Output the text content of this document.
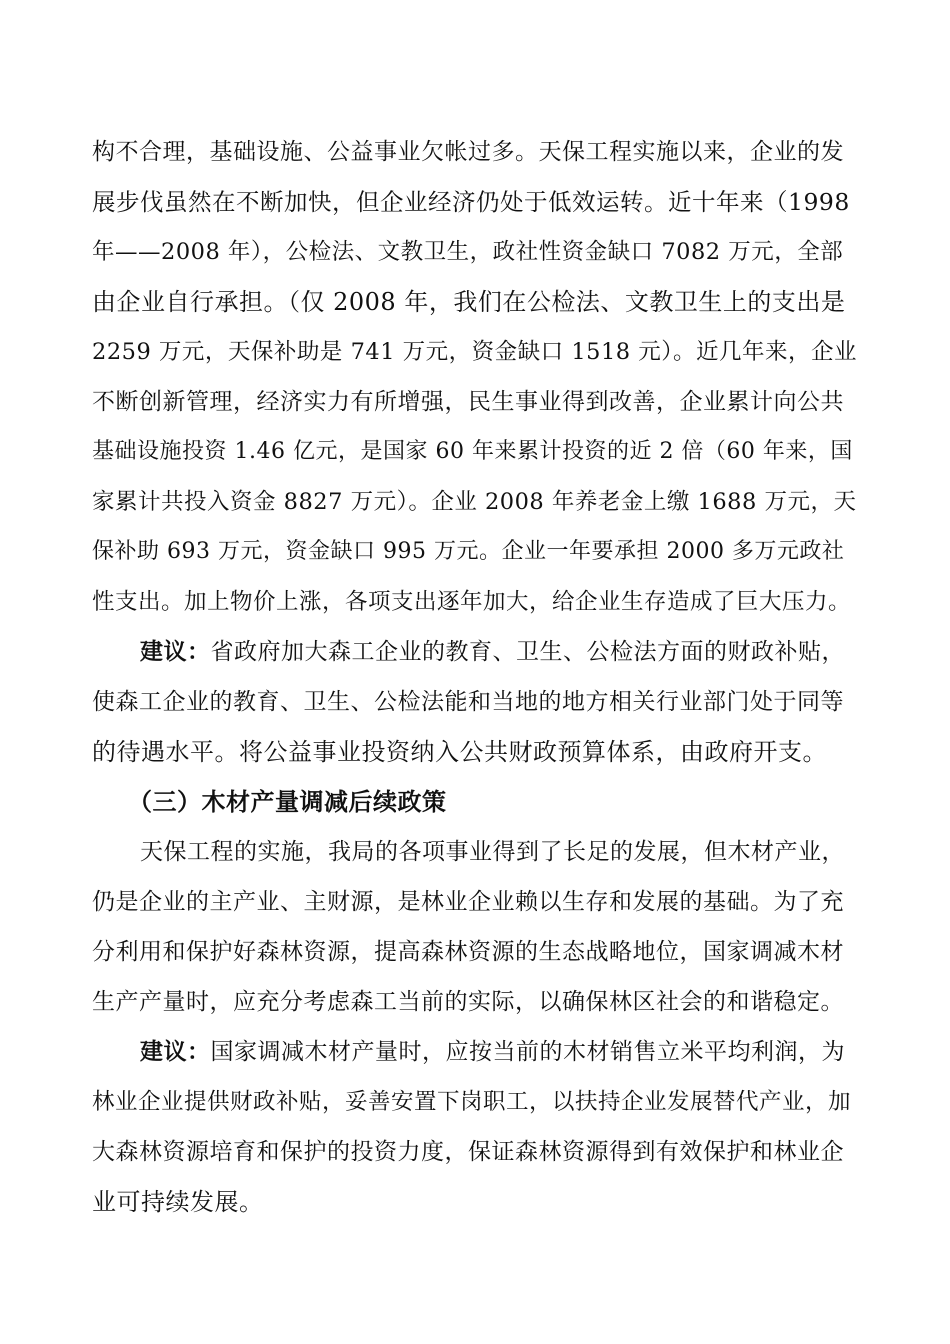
构不合理，基础设施、公益事业欠帐过多。天保工程实施以来，企业的发
展步伐虽然在不断加快，但企业经济仍处于低效运转。近十年来（1998
年——2008 年），公检法、文教卫生，政社性资金缺口 7082 万元，全部
由企业自行承担。（仅 2008 年，我们在公检法、文教卫生上的支出是
2259 万元，天保补助是 741 万元，资金缺口 1518 元）。近几年来，企业
不断创新管理，经济实力有所增强，民生事业得到改善，企业累计向公共
基础设施投资 1.46 亿元，是国家 60 年来累计投资的近 2 倍（60 年来，国
家累计共投入资金 8827 万元）。企业 2008 年养老金上缴 1688 万元，天
保补助 693 万元，资金缺口 995 万元。企业一年要承担 2000 多万元政社
性支出。加上物价上涨，各项支出逐年加大，给企业生存造成了巨大压力。
建议：省政府加大森工企业的教育、卫生、公检法方面的财政补贴，
使森工企业的教育、卫生、公检法能和当地的地方相关行业部门处于同等
的待遇水平。将公益事业投资纳入公共财政预算体系，由政府开支。
（三）木材产量调减后续政策
天保工程的实施，我局的各项事业得到了长足的发展，但木材产业，
仍是企业的主产业、主财源，是林业企业赖以生存和发展的基础。为了充
分利用和保护好森林资源，提高森林资源的生态战略地位，国家调减木材
生产产量时，应充分考虑森工当前的实际，以确保林区社会的和谐稳定。
建议：国家调减木材产量时，应按当前的木材销售立米平均利润，为
林业企业提供财政补贴，妥善安置下岗职工，以扶持企业发展替代产业，加
大森林资源培育和保护的投资力度，保证森林资源得到有效保护和林业企
业可持续发展。
